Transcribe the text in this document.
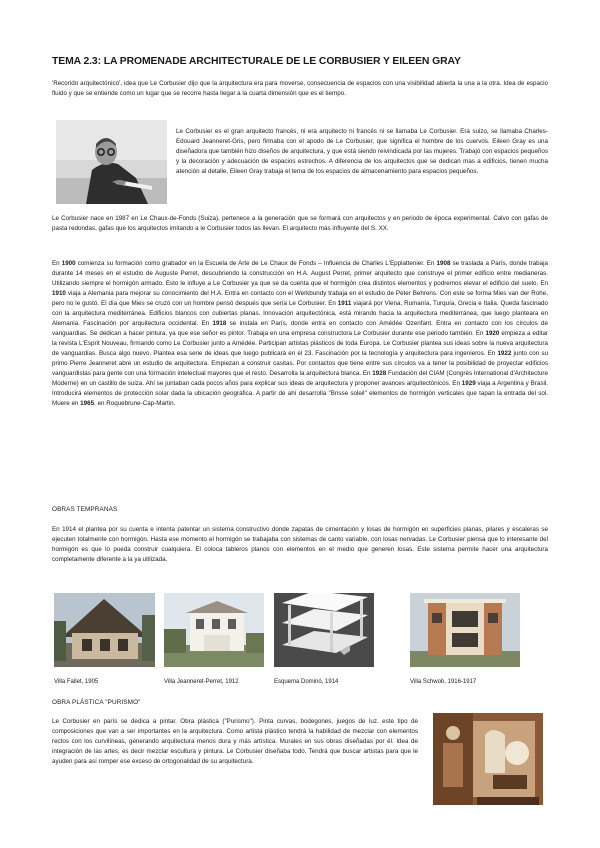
TEMA 2.3: LA PROMENADE ARCHITECTURALE DE LE CORBUSIER Y EILEEN GRAY

'Recorido arquitectónico', idea que Le Corbusier dijo que la arquitectura era para moverse, consecuencia de espacios con una visibilidad abierta la una a la otra. Idea de espacio fluido y que se entiende como un lugar que se recorre hasta llegar a la cuarta dimensión que es el tiempo.

Le Corbusier es el gran arquitecto francés, ni era arquitecto ni francés ni se llamaba Le Corbusier. Era suizo, se llamaba Charles-Edouard Jeanneret-Gris, pero firmaba con el apodo de Le Corbusier, que significa el hombre de los cuervos. Eileen Gray es una diseñadora que también hizo diseños de arquitectura, y que está siendo reivindicada por las mujeres. Trabajó con espacios pequeños y la decoración y adecuación de espacios estrechos. A diferencia de los arquitectos que se dedican mas a edificios, tienen mucha atención al detalle, Eileen Gray trabaja el tema de los espacios de almacenamiento para espacios pequeños.

Le Corbusier nace en 1987 en Le Chaux-de-Fonds (Suiza), pertenece a la generación que se formará con arquitectos y en periodo de época experimental. Calvo con gafas de pasta redondas, gafas que los arquitectos imitando a le Corbusier todos las llevan. El arquitecto más influyente del S. XX.

En 1900 comienza su formación como grabador en la Escuela de Arte de Le Chaux de Fonds – Influencia de Charles L'Epplattenier. En 1908 se traslada a París, donde trabaja durante 14 meses en el estudio de Auguste Perret, descubriendo la construcción en H.A. August Perret, primer arquitecto que construye el primer edificio entre medianeras. Utilizando siempre el hormigón armado. Esto le influye a Le Corbusier ya que se da cuenta que el hormigón crea distintos elementos y podremos elevar el edificio del suelo. En 1910 viaja a Alemania para mejorar su conocimiento del H.A. Entra en contacto con el Werkbundy trabaja en el estudio de Peter Behrens. Con este se forma Mies van der Rohe, pero no le gustó. El día que Mies se cruzó con un hombre pensó después que sería Le Corbusier. En 1911 viajará por Viena, Rumanía, Turquía, Grecia e Italia. Queda fascinado con la arquitectura mediterránea. Edificios blancos con cubiertas planas. Innovación arquitectónica, está mirando hacia la arquitectura mediterránea, que luego planteara en Alemania. Fascinación por arquitectura occidental. En 1918 se instala en París, donde entra en contacto con Amédée Ozenfant. Entra en contacto con los círculos de vanguardias. Se dedican a hacer pintura, ya que ese señor es pintor. Trabaja en una empresa constructora Le Corbusier durante ese periodo también. En 1920 empieza a editar la revista L'Esprit Nouveau, firmando como Le Corbusier junto a Amédée. Participan artistas plásticos de toda Europa. Le Corbusier plantea sus ideas sobre la nueva arquitectura de vanguardias. Busca algo nuevo. Plantea esa serie de ideas que luego publicará en el 23. Fascinación por la tecnología y arquitectura para ingenieros. En 1922 junto con su primo Pierre Jeanneret abre un estudio de arquitectura. Empiezan a construir casitas. Por contactos que tiene entre sus círculos va a tener la posibilidad de proyectar edificios vanguardistas para gente con una formación intelectual mayores que el resto. Desarrolla la arquitectura blanca. En 1928 Fundación del CIAM (Congrès International d'Architecture Moderne) en un castillo de suiza. Ahí se juntaban cada pocos años para explicar sus ideas de arquitectura y proponer avances arquitectónicos. En 1929 viaja a Argentina y Brasil. Introducirá elementos de protección solar dada la ubicación geográfica. A partir de ahí desarrolla "Brisse soleil" elementos de hormigón verticales que tapan la entrada del sol. Muere en 1965, en Roquebrune-Cap-Martin.

OBRAS TEMPRANAS

En 1914 el plantea por su cuenta e intenta patentar un sistema constructivo donde zapatas de cimentación y losas de hormigón en superficies planas, pilares y escaleras se ejecuten totalmente con hormigón. Hasta ese momento el hormigón se trabajaba con sistemas de canto variable, con losas nervadas. Le Corbusier piensa que lo interesante del hormigón es que lo pueda construir cualquiera. El coloca tableros planos con elementos en el medio que generen losas. Este sistema permite hacer una arquitectura completamente diferente a la ya utilizada.

Villa Fallet, 1905	Villa Jeanneret-Perret, 1912	Esquema Dominó, 1914	Villa Schwob, 1916-1917
OBRA PLÁSTICA "PURISMO"

Le Corbusier en parís se dedica a pintar. Obra plástica ("Purismo"). Pinta curvas, bodegones, juegos de luz. este tipo de composiciones que van a ser importantes en la arquitectura. Como artista plástico tendrá la habilidad de mezclar con elementos rectos con los curvilíneas, generando arquitectura menos dura y más artística. Murales en sus obras diseñadas por él. Idea de integración de las artes, es decir mezclar escultura y pintura. Le Corbusier diseñaba todo. Tendrá que buscar artistas para que le ayuden para así romper ese exceso de ortogonalidad de su arquitectura.
